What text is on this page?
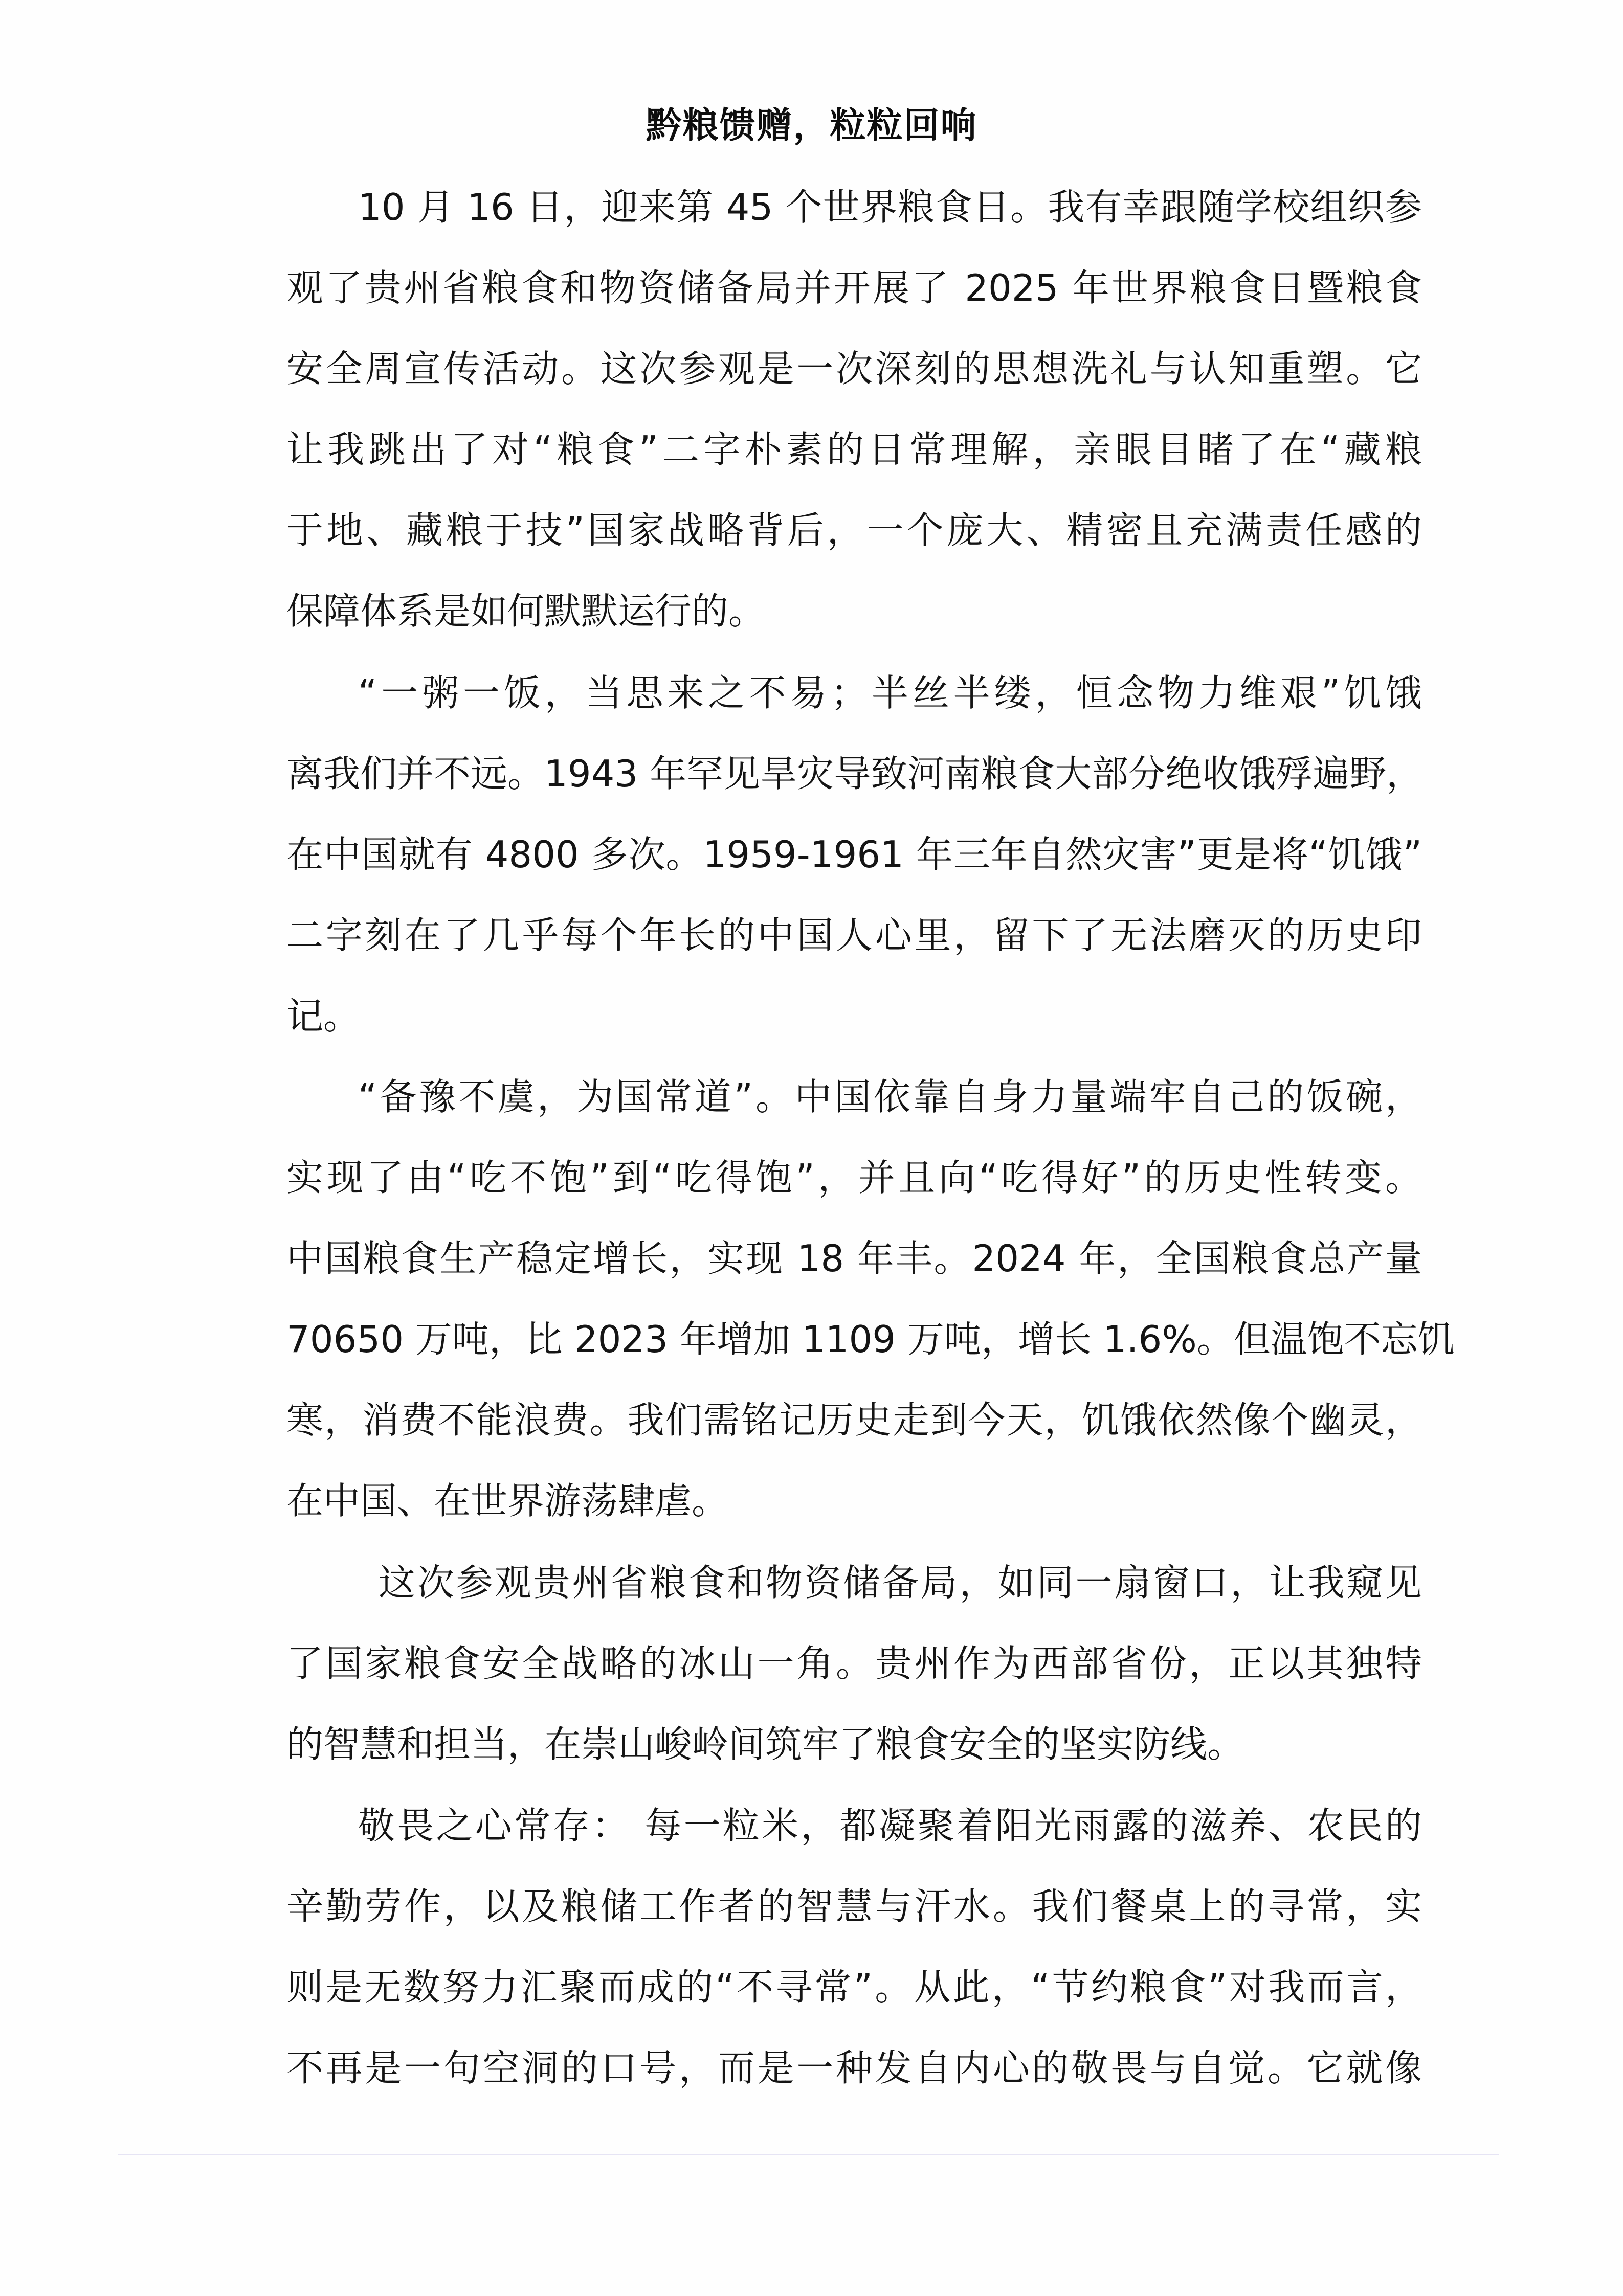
黔粮馈赠，粒粒回响
10 月 16 日，迎来第 45 个世界粮食日。我有幸跟随学校组织参
观了贵州省粮食和物资储备局并开展了 2025 年世界粮食日暨粮食
安全周宣传活动。这次参观是一次深刻的思想洗礼与认知重塑。它
让我跳出了对“粮食”二字朴素的日常理解，亲眼目睹了在“藏粮
于地、藏粮于技”国家战略背后，一个庞大、精密且充满责任感的
保障体系是如何默默运行的。
“一粥一饭，当思来之不易；半丝半缕，恒念物力维艰”饥饿
离我们并不远。1943 年罕见旱灾导致河南粮食大部分绝收饿殍遍野，
在中国就有 4800 多次。1959-1961 年三年自然灾害”更是将“饥饿”
二字刻在了几乎每个年长的中国人心里，留下了无法磨灭的历史印
记。
“备豫不虞，为国常道”。中国依靠自身力量端牢自己的饭碗，
实现了由“吃不饱”到“吃得饱”，并且向“吃得好”的历史性转变。
中国粮食生产稳定增长，实现 18 年丰。2024 年，全国粮食总产量
70650 万吨，比 2023 年增加 1109 万吨，增长 1.6%。但温饱不忘饥
寒，消费不能浪费。我们需铭记历史走到今天，饥饿依然像个幽灵，
在中国、在世界游荡肆虐。
这次参观贵州省粮食和物资储备局，如同一扇窗口，让我窥见
了国家粮食安全战略的冰山一角。贵州作为西部省份，正以其独特
的智慧和担当，在崇山峻岭间筑牢了粮食安全的坚实防线。
敬畏之心常存： 每一粒米，都凝聚着阳光雨露的滋养、农民的
辛勤劳作，以及粮储工作者的智慧与汗水。我们餐桌上的寻常，实
则是无数努力汇聚而成的“不寻常”。从此，“节约粮食”对我而言，
不再是一句空洞的口号，而是一种发自内心的敬畏与自觉。它就像
